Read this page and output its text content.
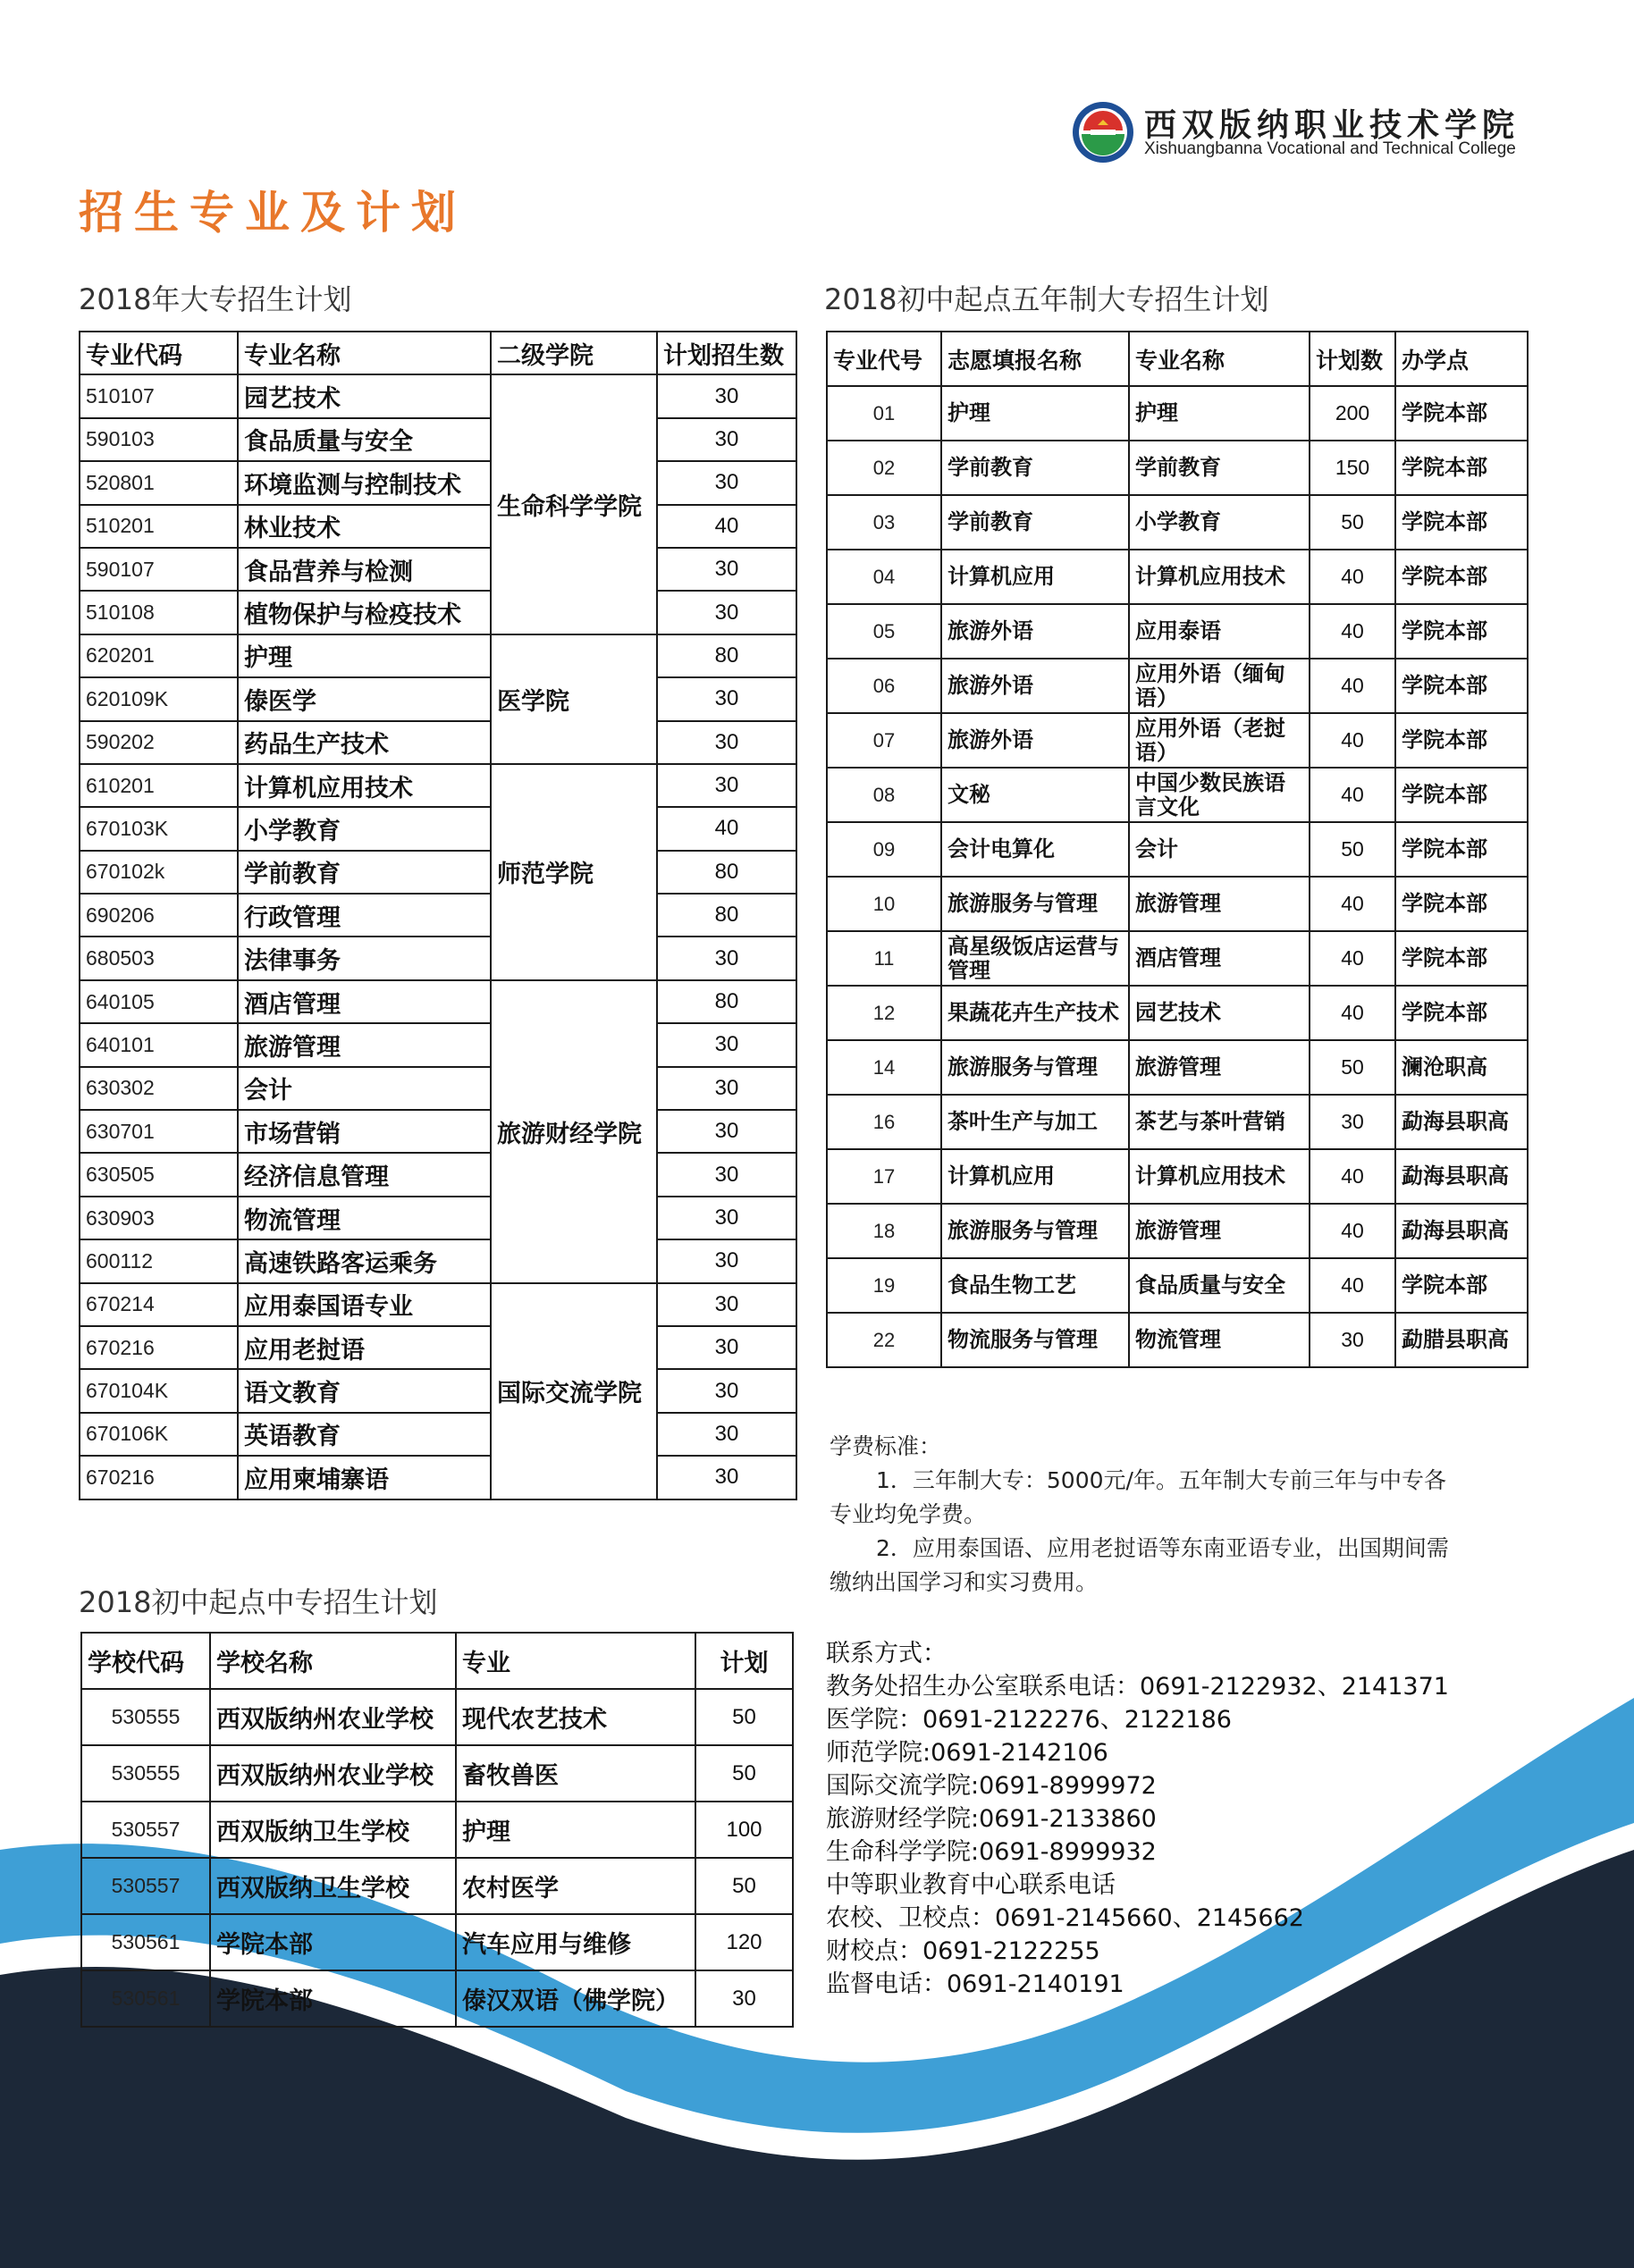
西双版纳职业技术学院
Xishuangbanna Vocational and Technical College
招生专业及计划
2018年大专招生计划
专业代码	专业名称	二级学院	计划招生数
510107	园艺技术	生命科学学院	30
590103	食品质量与安全		30
520801	环境监测与控制技术		30
510201	林业技术		40
590107	食品营养与检测		30
510108	植物保护与检疫技术		30
620201	护理	医学院	80
620109K	傣医学		30
590202	药品生产技术		30
610201	计算机应用技术	师范学院	30
670103K	小学教育		40
670102k	学前教育		80
690206	行政管理		80
680503	法律事务		30
640105	酒店管理	旅游财经学院	80
640101	旅游管理		30
630302	会计		30
630701	市场营销		30
630505	经济信息管理		30
630903	物流管理		30
600112	高速铁路客运乘务		30
670214	应用泰国语专业	国际交流学院	30
670216	应用老挝语		30
670104K	语文教育		30
670106K	英语教育		30
670216	应用柬埔寨语		30
2018初中起点五年制大专招生计划
专业代号	志愿填报名称	专业名称	计划数	办学点
01	护理	护理	200	学院本部
02	学前教育	学前教育	150	学院本部
03	学前教育	小学教育	50	学院本部
04	计算机应用	计算机应用技术	40	学院本部
05	旅游外语	应用泰语	40	学院本部
06	旅游外语	应用外语（缅甸语）	40	学院本部
07	旅游外语	应用外语（老挝语）	40	学院本部
08	文秘	中国少数民族语言文化	40	学院本部
09	会计电算化	会计	50	学院本部
10	旅游服务与管理	旅游管理	40	学院本部
11	高星级饭店运营与管理	酒店管理	40	学院本部
12	果蔬花卉生产技术	园艺技术	40	学院本部
14	旅游服务与管理	旅游管理	50	澜沧职高
16	茶叶生产与加工	茶艺与茶叶营销	30	勐海县职高
17	计算机应用	计算机应用技术	40	勐海县职高
18	旅游服务与管理	旅游管理	40	勐海县职高
19	食品生物工艺	食品质量与安全	40	学院本部
22	物流服务与管理	物流管理	30	勐腊县职高

学费标准：

1．三年制大专：5000元/年。五年制大专前三年与中专各

专业均免学费。

2．应用泰国语、应用老挝语等东南亚语专业，出国期间需

缴纳出国学习和实习费用。

2018初中起点中专招生计划
学校代码	学校名称	专业	计划
530555	西双版纳州农业学校	现代农艺技术	50
530555	西双版纳州农业学校	畜牧兽医	50
530557	西双版纳卫生学校	护理	100
530557	西双版纳卫生学校	农村医学	50
530561	学院本部	汽车应用与维修	120
530561	学院本部	傣汉双语（佛学院）	30

联系方式：

教务处招生办公室联系电话：0691-2122932、2141371

医学院：0691-2122276、2122186

师范学院:0691-2142106

国际交流学院:0691-8999972

旅游财经学院:0691-2133860

生命科学学院:0691-8999932

中等职业教育中心联系电话

农校、卫校点：0691-2145660、2145662

财校点：0691-2122255

监督电话：0691-2140191
